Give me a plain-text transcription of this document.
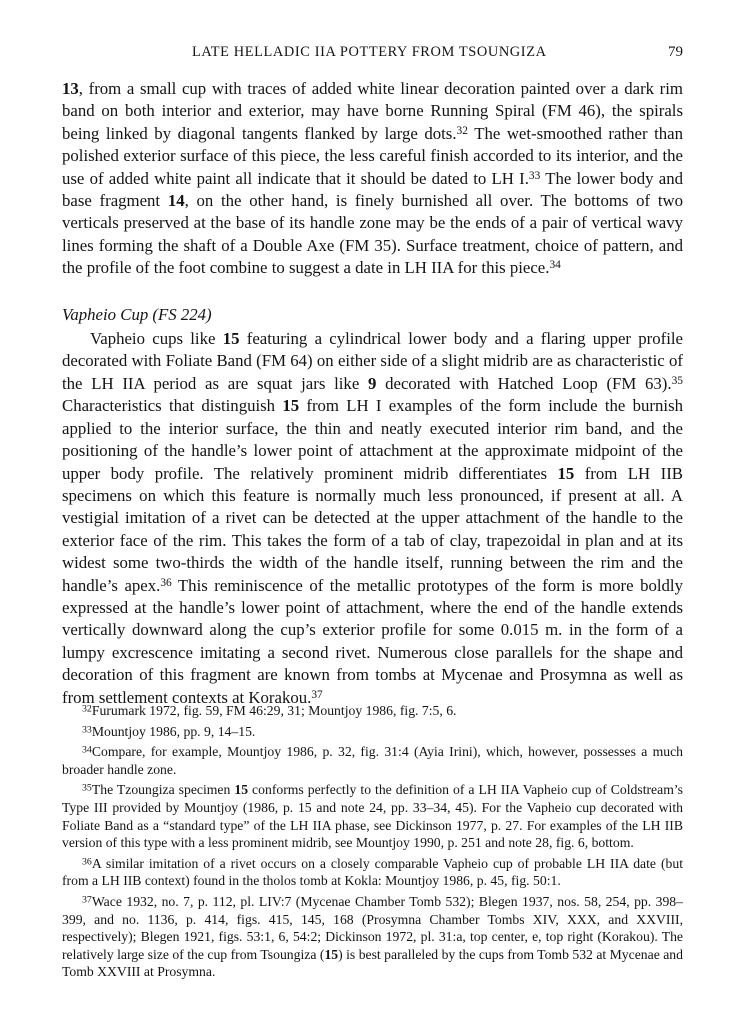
LATE HELLADIC IIA POTTERY FROM TSOUNGIZA	79

13, from a small cup with traces of added white linear decoration painted over a dark rim band on both interior and exterior, may have borne Running Spiral (FM 46), the spirals being linked by diagonal tangents flanked by large dots.$^{32}$ The wet-smoothed rather than polished exterior surface of this piece, the less careful finish accorded to its interior, and the use of added white paint all indicate that it should be dated to LH I.$^{33}$ The lower body and base fragment 14, on the other hand, is finely burnished all over. The bottoms of two verticals preserved at the base of its handle zone may be the ends of a pair of vertical wavy lines forming the shaft of a Double Axe (FM 35). Surface treatment, choice of pattern, and the profile of the foot combine to suggest a date in LH IIA for this piece.$^{34}$

Vapheio Cup (FS 224)

Vapheio cups like 15 featuring a cylindrical lower body and a flaring upper profile decorated with Foliate Band (FM 64) on either side of a slight midrib are as characteristic of the LH IIA period as are squat jars like 9 decorated with Hatched Loop (FM 63).$^{35}$ Characteristics that distinguish 15 from LH I examples of the form include the burnish applied to the interior surface, the thin and neatly executed interior rim band, and the positioning of the handle’s lower point of attachment at the approximate midpoint of the upper body profile. The relatively prominent midrib differentiates 15 from LH IIB specimens on which this feature is normally much less pronounced, if present at all. A vestigial imitation of a rivet can be detected at the upper attachment of the handle to the exterior face of the rim. This takes the form of a tab of clay, trapezoidal in plan and at its widest some two-thirds the width of the handle itself, running between the rim and the handle’s apex.$^{36}$ This reminiscence of the metallic prototypes of the form is more boldly expressed at the handle’s lower point of attachment, where the end of the handle extends vertically downward along the cup’s exterior profile for some 0.015 m. in the form of a lumpy excrescence imitating a second rivet. Numerous close parallels for the shape and decoration of this fragment are known from tombs at Mycenae and Prosymna as well as from settlement contexts at Korakou.$^{37}$

$^{32}$Furumark 1972, fig. 59, FM 46:29, 31; Mountjoy 1986, fig. 7:5, 6.

$^{33}$Mountjoy 1986, pp. 9, 14–15.

$^{34}$Compare, for example, Mountjoy 1986, p. 32, fig. 31:4 (Ayia Irini), which, however, possesses a much broader handle zone.

$^{35}$The Tzoungiza specimen 15 conforms perfectly to the definition of a LH IIA Vapheio cup of Coldstream’s Type III provided by Mountjoy (1986, p. 15 and note 24, pp. 33–34, 45). For the Vapheio cup decorated with Foliate Band as a “standard type” of the LH IIA phase, see Dickinson 1977, p. 27. For examples of the LH IIB version of this type with a less prominent midrib, see Mountjoy 1990, p. 251 and note 28, fig. 6, bottom.

$^{36}$A similar imitation of a rivet occurs on a closely comparable Vapheio cup of probable LH IIA date (but from a LH IIB context) found in the tholos tomb at Kokla: Mountjoy 1986, p. 45, fig. 50:1.

$^{37}$Wace 1932, no. 7, p. 112, pl. LIV:7 (Mycenae Chamber Tomb 532); Blegen 1937, nos. 58, 254, pp. 398–399, and no. 1136, p. 414, figs. 415, 145, 168 (Prosymna Chamber Tombs XIV, XXX, and XXVIII, respectively); Blegen 1921, figs. 53:1, 6, 54:2; Dickinson 1972, pl. 31:a, top center, e, top right (Korakou). The relatively large size of the cup from Tsoungiza (15) is best paralleled by the cups from Tomb 532 at Mycenae and Tomb XXVIII at Prosymna.
